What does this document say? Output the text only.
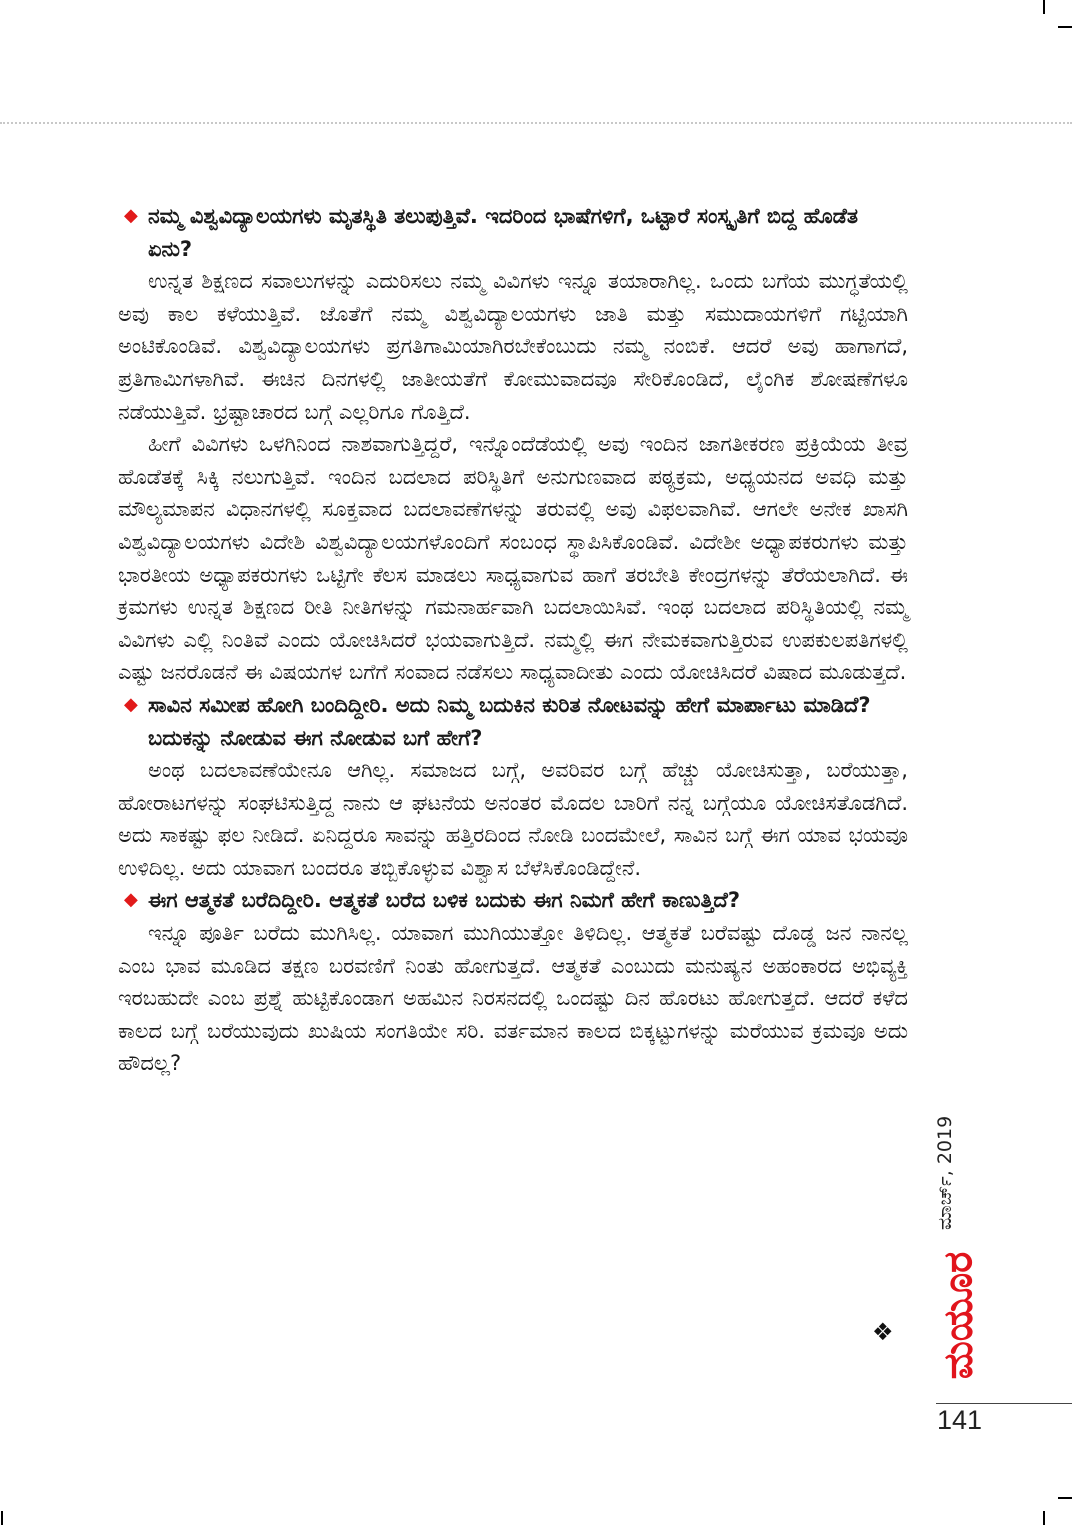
◆ ನಮ್ಮ ವಿಶ್ವವಿದ್ಯಾಲಯಗಳು ಮೃತಸ್ಥಿತಿ ತಲುಪುತ್ತಿವೆ. ಇದರಿಂದ ಭಾಷೆಗಳಿಗೆ, ಒಟ್ಟಾರೆ ಸಂಸ್ಕೃತಿಗೆ ಬಿದ್ದ ಹೊಡೆತ ಏನು?

ಉನ್ನತ ಶಿಕ್ಷಣದ ಸವಾಲುಗಳನ್ನು ಎದುರಿಸಲು ನಮ್ಮ ವಿವಿಗಳು ಇನ್ನೂ ತಯಾರಾಗಿಲ್ಲ. ಒಂದು ಬಗೆಯ ಮುಗ್ಧತೆಯಲ್ಲಿ ಅವು ಕಾಲ ಕಳೆಯುತ್ತಿವೆ. ಜೊತೆಗೆ ನಮ್ಮ ವಿಶ್ವವಿದ್ಯಾಲಯಗಳು ಜಾತಿ ಮತ್ತು ಸಮುದಾಯಗಳಿಗೆ ಗಟ್ಟಿಯಾಗಿ ಅಂಟಿಕೊಂಡಿವೆ. ವಿಶ್ವವಿದ್ಯಾಲಯಗಳು ಪ್ರಗತಿಗಾಮಿಯಾಗಿರಬೇಕೆಂಬುದು ನಮ್ಮ ನಂಬಿಕೆ. ಆದರೆ ಅವು ಹಾಗಾಗದೆ, ಪ್ರತಿಗಾಮಿಗಳಾಗಿವೆ. ಈಚಿನ ದಿನಗಳಲ್ಲಿ ಜಾತೀಯತೆಗೆ ಕೋಮುವಾದವೂ ಸೇರಿಕೊಂಡಿದೆ, ಲೈಂಗಿಕ ಶೋಷಣೆಗಳೂ ನಡೆಯುತ್ತಿವೆ. ಭ್ರಷ್ಟಾಚಾರದ ಬಗ್ಗೆ ಎಲ್ಲರಿಗೂ ಗೊತ್ತಿದೆ.

ಹೀಗೆ ವಿವಿಗಳು ಒಳಗಿನಿಂದ ನಾಶವಾಗುತ್ತಿದ್ದರೆ, ಇನ್ನೊಂದೆಡೆಯಲ್ಲಿ ಅವು ಇಂದಿನ ಜಾಗತೀಕರಣ ಪ್ರಕ್ರಿಯೆಯ ತೀವ್ರ ಹೊಡೆತಕ್ಕೆ ಸಿಕ್ಕಿ ನಲುಗುತ್ತಿವೆ. ಇಂದಿನ ಬದಲಾದ ಪರಿಸ್ಥಿತಿಗೆ ಅನುಗುಣವಾದ ಪಠ್ಯಕ್ರಮ, ಅಧ್ಯಯನದ ಅವಧಿ ಮತ್ತು ಮೌಲ್ಯಮಾಪನ ವಿಧಾನಗಳಲ್ಲಿ ಸೂಕ್ತವಾದ ಬದಲಾವಣೆಗಳನ್ನು ತರುವಲ್ಲಿ ಅವು ವಿಫಲವಾಗಿವೆ. ಆಗಲೇ ಅನೇಕ ಖಾಸಗಿ ವಿಶ್ವವಿದ್ಯಾಲಯಗಳು ವಿದೇಶಿ ವಿಶ್ವವಿದ್ಯಾಲಯಗಳೊಂದಿಗೆ ಸಂಬಂಧ ಸ್ಥಾಪಿಸಿಕೊಂಡಿವೆ. ವಿದೇಶೀ ಅಧ್ಯಾಪಕರುಗಳು ಮತ್ತು ಭಾರತೀಯ ಅಧ್ಯಾಪಕರುಗಳು ಒಟ್ಟಿಗೇ ಕೆಲಸ ಮಾಡಲು ಸಾಧ್ಯವಾಗುವ ಹಾಗೆ ತರಬೇತಿ ಕೇಂದ್ರಗಳನ್ನು ತೆರೆಯಲಾಗಿದೆ. ಈ ಕ್ರಮಗಳು ಉನ್ನತ ಶಿಕ್ಷಣದ ರೀತಿ ನೀತಿಗಳನ್ನು ಗಮನಾರ್ಹವಾಗಿ ಬದಲಾಯಿಸಿವೆ. ಇಂಥ ಬದಲಾದ ಪರಿಸ್ಥಿತಿಯಲ್ಲಿ ನಮ್ಮ ವಿವಿಗಳು ಎಲ್ಲಿ ನಿಂತಿವೆ ಎಂದು ಯೋಚಿಸಿದರೆ ಭಯವಾಗುತ್ತಿದೆ. ನಮ್ಮಲ್ಲಿ ಈಗ ನೇಮಕವಾಗುತ್ತಿರುವ ಉಪಕುಲಪತಿಗಳಲ್ಲಿ ಎಷ್ಟು ಜನರೊಡನೆ ಈ ವಿಷಯಗಳ ಬಗೆಗೆ ಸಂವಾದ ನಡೆಸಲು ಸಾಧ್ಯವಾದೀತು ಎಂದು ಯೋಚಿಸಿದರೆ ವಿಷಾದ ಮೂಡುತ್ತದೆ.

◆ ಸಾವಿನ ಸಮೀಪ ಹೋಗಿ ಬಂದಿದ್ದೀರಿ. ಅದು ನಿಮ್ಮ ಬದುಕಿನ ಕುರಿತ ನೋಟವನ್ನು ಹೇಗೆ ಮಾರ್ಪಾಟು ಮಾಡಿದೆ? ಬದುಕನ್ನು ನೋಡುವ ಈಗ ನೋಡುವ ಬಗೆ ಹೇಗೆ?

ಅಂಥ ಬದಲಾವಣೆಯೇನೂ ಆಗಿಲ್ಲ. ಸಮಾಜದ ಬಗ್ಗೆ, ಅವರಿವರ ಬಗ್ಗೆ ಹೆಚ್ಚು ಯೋಚಿಸುತ್ತಾ, ಬರೆಯುತ್ತಾ, ಹೋರಾಟಗಳನ್ನು ಸಂಘಟಿಸುತ್ತಿದ್ದ ನಾನು ಆ ಘಟನೆಯ ಅನಂತರ ಮೊದಲ ಬಾರಿಗೆ ನನ್ನ ಬಗ್ಗೆಯೂ ಯೋಚಿಸತೊಡಗಿದೆ. ಅದು ಸಾಕಷ್ಟು ಫಲ ನೀಡಿದೆ. ಏನಿದ್ದರೂ ಸಾವನ್ನು ಹತ್ತಿರದಿಂದ ನೋಡಿ ಬಂದಮೇಲೆ, ಸಾವಿನ ಬಗ್ಗೆ ಈಗ ಯಾವ ಭಯವೂ ಉಳಿದಿಲ್ಲ. ಅದು ಯಾವಾಗ ಬಂದರೂ ತಬ್ಬಿಕೊಳ್ಳುವ ವಿಶ್ವಾಸ ಬೆಳೆಸಿಕೊಂಡಿದ್ದೇನೆ.

◆ ಈಗ ಆತ್ಮಕತೆ ಬರೆದಿದ್ದೀರಿ. ಆತ್ಮಕತೆ ಬರೆದ ಬಳಿಕ ಬದುಕು ಈಗ ನಿಮಗೆ ಹೇಗೆ ಕಾಣುತ್ತಿದೆ?

ಇನ್ನೂ ಪೂರ್ತಿ ಬರೆದು ಮುಗಿಸಿಲ್ಲ. ಯಾವಾಗ ಮುಗಿಯುತ್ತೋ ತಿಳಿದಿಲ್ಲ. ಆತ್ಮಕತೆ ಬರೆವಷ್ಟು ದೊಡ್ಡ ಜನ ನಾನಲ್ಲ ಎಂಬ ಭಾವ ಮೂಡಿದ ತಕ್ಷಣ ಬರವಣಿಗೆ ನಿಂತು ಹೋಗುತ್ತದೆ. ಆತ್ಮಕತೆ ಎಂಬುದು ಮನುಷ್ಯನ ಅಹಂಕಾರದ ಅಭಿವ್ಯಕ್ತಿ ಇರಬಹುದೇ ಎಂಬ ಪ್ರಶ್ನೆ ಹುಟ್ಟಿಕೊಂಡಾಗ ಅಹಮಿನ ನಿರಸನದಲ್ಲಿ ಒಂದಷ್ಟು ದಿನ ಹೊರಟು ಹೋಗುತ್ತದೆ. ಆದರೆ ಕಳೆದ ಕಾಲದ ಬಗ್ಗೆ ಬರೆಯುವುದು ಖುಷಿಯ ಸಂಗತಿಯೇ ಸರಿ. ವರ್ತಮಾನ ಕಾಲದ ಬಿಕ್ಕಟ್ಟುಗಳನ್ನು ಮರೆಯುವ ಕ್ರಮವೂ ಅದು ಹೌದಲ್ಲ?

❖
ಮಾರ್ಚ್, 2019
ಮಯೂರ
141
